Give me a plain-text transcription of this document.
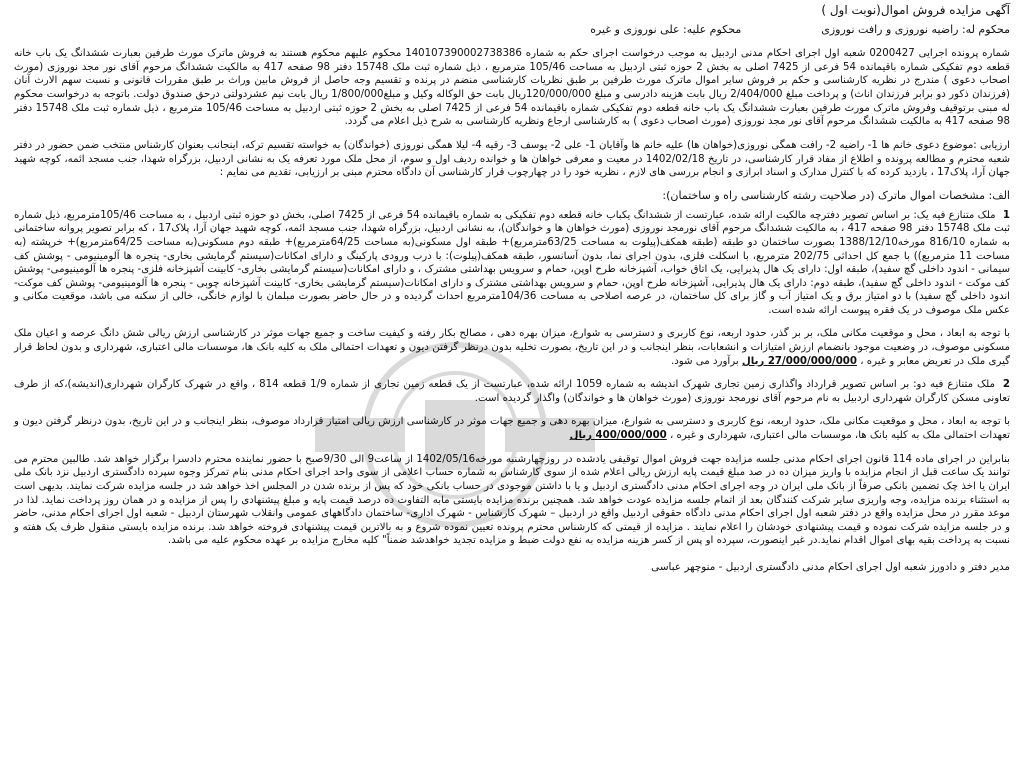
آگهی مزایده فروش اموال(نوبت اول )

محکوم له: راضیه نوروزی و رافت نوروزی
محکوم علیه: علی نوروزی و غیره

شماره پرونده اجرایی 0200427 شعبه اول اجرای احکام مدنی اردبیل به موجب درخواست اجرای حکم به شماره 140107390002738386 محکوم علیهم محکوم هستند به فروش ماترک مورث طرفین بعبارت ششدانگ یک باب خانه قطعه دوم تفکیکی شماره باقیمانده 54 فرعی از 7425 اصلی به بخش 2 حوزه ثبتی اردبیل به مساحت 105/46 مترمربع ، ذیل شماره ثبت ملک 15748 دفتر 98 صفحه 417 به مالکیت ششدانگ مرحوم آقای نور مجد نوروزی (مورث اصحاب دعوی ) مندرج در نظریه کارشناسی و حکم بر فروش سایر اموال ماترک مورث طرفین بر طبق نظریات کارشناسی منضم در پرنده و تقسیم وجه حاصل از فروش مابین وراث بر طبق مقررات قانونی و نسبت سهم الارث آنان (فرزندان ذکور دو برابر فرزندان اناث) و پرداخت مبلغ 2/404/000 ریال بابت هزینه دادرسی و مبلغ 120/000/000ریال بابت حق الوکاله وکیل و مبلغ1/800/000 ریال بابت نیم عشردولتی درحق صندوق دولت. باتوجه به درخواست محکوم له مبنی برتوقیف وفروش ماترک مورث طرفین بعبارت ششدانگ یک باب خانه قطعه دوم تفکیکی شماره باقیمانده 54 فرعی از 7425 اصلی به بخش 2 حوزه ثبتی اردبیل به مساحت 105/46 مترمربع ، ذیل شماره ثبت ملک 15748 دفتر 98 صفحه 417 به مالکیت ششدانگ مرحوم آقای نور مجد نوروزی (مورث اصحاب دعوی ) به کارشناسی ارجاع ونظریه کارشناسی به شرح ذیل اعلام می گردد.

ارزیابی :موضوع دعوی خانم ها 1- راضیه 2- رافت همگی نوروزی(خواهان ها) علیه خانم ها وآقایان 1- علی 2- یوسف 3- رقیه 4- لیلا همگی نوروزی (خواندگان) به خواسته تقسیم ترکه، اینجانب بعنوان کارشناس منتخب ضمن حضور در دفتر شعبه محترم و مطالعه پرونده و اطلاع از مفاد قرار کارشناسی، در تاریخ 1402/02/18 در معیت و معرفی خواهان ها و خوانده ردیف اول و سوم، از محل ملک مورد تعرفه یک به نشانی اردبیل، بزرگراه شهدا، جنب مسجد ائمه، کوچه شهید جهان آرا، پلاک17 ، بازدید کرده که با کنترل مدارک و اسناد ابرازی و انجام بررسی های لازم ، نظریه خود را در چهارچوب قرار کارشناسی آن دادگاه محترم مبنی بر ارزیابی، تقدیم می نمایم :

الف: مشخصات اموال ماترک (در صلاحیت رشته کارشناسی راه و ساختمان):

1 ملک متنازع فیه یک: بر اساس تصویر دفترچه مالکیت ارائه شده، عبارتست از ششدانگ یکباب خانه قطعه دوم تفکیکی به شماره باقیمانده 54 فرعی از 7425 اصلی، بخش دو حوزه ثبتی اردبیل ، به مساحت 105/46مترمربع، ذیل شماره ثبت ملک 15748 دفتر 98 صفحه 417 ، به مالکیت ششدانگ مرحوم آقای نورمجد نوروزی (مورث خواهان ها و خواندگان)، به نشانی اردبیل، بزرگراه شهدا، جنب مسجد ائمه، کوچه شهید جهان آرا، پلاک17 ، که برابر تصویر پروانه ساختمانی به شماره 816/10 مورخه1388/12/10 بصورت ساختمان دو طبقه (طبقه همکف(پیلوت به مساحت 63/25مترمربع)+ طبقه اول مسکونی(به مساحت 64/25مترمربع)+ طبقه دوم مسکونی(به مساحت 64/25مترمربع)+ خرپشته (به مساحت 11 مترمربع)) با جمع کل احداثی 202/75 مترمربع، با اسکلت فلزی، بدون اجرای نما، بدون آسانسور، طبقه همکف(پیلوت): با درب ورودی پارکینگ و دارای امکانات(سیستم گرمایشی بخاری- پنجره ها آلومینیومی - پوشش کف سیمانی - اندود داخلی گچ سفید)، طبقه اول: دارای یک هال پذیرایی، یک اتاق خواب، آشپزخانه طرح اوپن، حمام و سرویس بهداشتی مشترک ، و دارای امکانات(سیستم گرمایشی بخاری- کابینت آشپزخانه فلزی- پنجره ها آلومینیومی- پوشش کف موکت - اندود داخلی گچ سفید)، طبقه دوم: دارای یک هال پذیرایی، آشپزخانه طرح اوپن، حمام و سرویس بهداشتی مشترک و دارای امکانات(سیستم گرمایشی بخاری- کابینت آشپزخانه چوبی - پنجره ها آلومینیومی- پوشش کف موکت- اندود داخلی گچ سفید) با دو امتیاز برق و یک امتیاز آب و گاز برای کل ساختمان، در عرصه اصلاحی به مساحت 104/36مترمربع احداث گردیده و در حال حاضر بصورت مبلمان با لوازم خانگی، خالی از سکنه می باشد، موقعیت مکانی و عکس ملک موصوف در یک فقره پیوست ارائه شده است.
با توجه به ابعاد ، محل و موقعیت مکانی ملک، بر بر گذر، حدود اربعه، نوع کاربری و دسترسی به شوارع، میزان بهره دهی ، مصالح بکار رفته و کیفیت ساخت و جمیع جهات موثر در کارشناسی ارزش ریالی شش دانگ عرصه و اعیان ملک مسکونی موصوف، در وضعیت موجود بانضمام ارزش امتیازات و انشعابات، بنظر اینجانب و در این تاریخ، بصورت تخلیه بدون درنظر گرفتن دیون و تعهدات احتمالی ملک به کلیه بانک ها، موسسات مالی اعتباری، شهرداری و بدون لحاظ قرار گیری ملک در تعریض معابر و غیره ، 27/000/000/000 ریال برآورد می شود.
2 ملک متنازع فیه دو: بر اساس تصویر قرارداد واگذاری زمین تجاری شهرک اندیشه به شماره 1059 ارائه شده، عبارتست از یک قطعه زمین تجاری از شماره 1/9 قطعه 814 ، واقع در شهرک کارگران شهرداری(اندیشه)،که از طرف تعاونی مسکن کارگران شهرداری اردبیل به نام مرحوم آقای نورمجد نوروزی (مورث خواهان ها و خواندگان) واگذار گردیده است.
با توجه به ابعاد ، محل و موقعیت مکانی ملک، حدود اربعه، نوع کاربری و دسترسی به شوارع، میزان بهره دهی و جمیع جهات موثر در کارشناسی ارزش ریالی امتیاز قرارداد موصوف، بنظر اینجانب و در این تاریخ، بدون درنظر گرفتن دیون و تعهدات احتمالی ملک به کلیه بانک ها، موسسات مالی اعتباری، شهرداری و غیره ، 400/000/000 ریال

بنابراین در اجرای ماده 114 قانون اجرای احکام مدنی جلسه مزایده جهت فروش اموال توقیفی یادشده در روزچهارشنبه مورخه1402/05/16 از ساعت9 الی 9/30صبح با حضور نماینده محترم دادسرا برگزار خواهد شد. طالبین محترم می توانند یک ساعت قبل از انجام مزایده با واریز میزان ده در صد مبلغ قیمت پایه ارزش ریالی اعلام شده از سوی کارشناس به شماره حساب اعلامی از سوی واحد اجرای احکام مدنی بنام تمرکز وجوه سپرده دادگستری اردبیل نزد بانک ملی ایران یا اخذ چک تضمین بانکی صرفاً از بانک ملی ایران در وجه اجرای احکام مدنی دادگستری اردبیل و یا با داشتن موجودی در حساب بانکی خود که پس از برنده شدن در المجلس اخذ خواهد شد در جلسه مزایده شرکت نمایند. بدیهی است به استثناء برنده مزایده، وجه واریزی سایر شرکت کنندگان بعد از اتمام جلسه مزایده عودت خواهد شد. همچنین برنده مزایده بایستی مابه التفاوت ده درصد قیمت پایه و مبلغ پیشنهادی را پس از مزایده و در همان روز پرداخت نماید. لذا در موعد مقرر در محل مزایده واقع در دفتر شعبه اول اجرای احکام مدنی دادگاه حقوقی اردبیل واقع در اردبیل – شهرک کارشناس - شهرک اداری- ساختمان دادگاههای عمومی وانقلاب شهرستان اردبیل - شعبه اول اجرای احکام مدنی، حاضر و در جلسه مزایده شرکت نموده و قیمت پیشنهادی خودشان را اعلام نمایند . مزایده از قیمتی که کارشناس محترم پرونده تعیین نموده شروع و به بالاترین قیمت پیشنهادی فروخته خواهد شد. برنده مزایده بایستی منقول ظرف یک هفته و نسبت به پرداخت بقیه بهای اموال اقدام نماید.در غیر اینصورت، سپرده او پس از کسر هزینه مزایده به نفع دولت ضبط و مزایده تجدید خواهدشد ضمناً" کلیه مخارج مزایده بر عهده محکوم علیه می باشد.

مدیر دفتر و دادورز شعبه اول اجرای احکام مدنی دادگستری اردبیل - منوچهر عباسی
